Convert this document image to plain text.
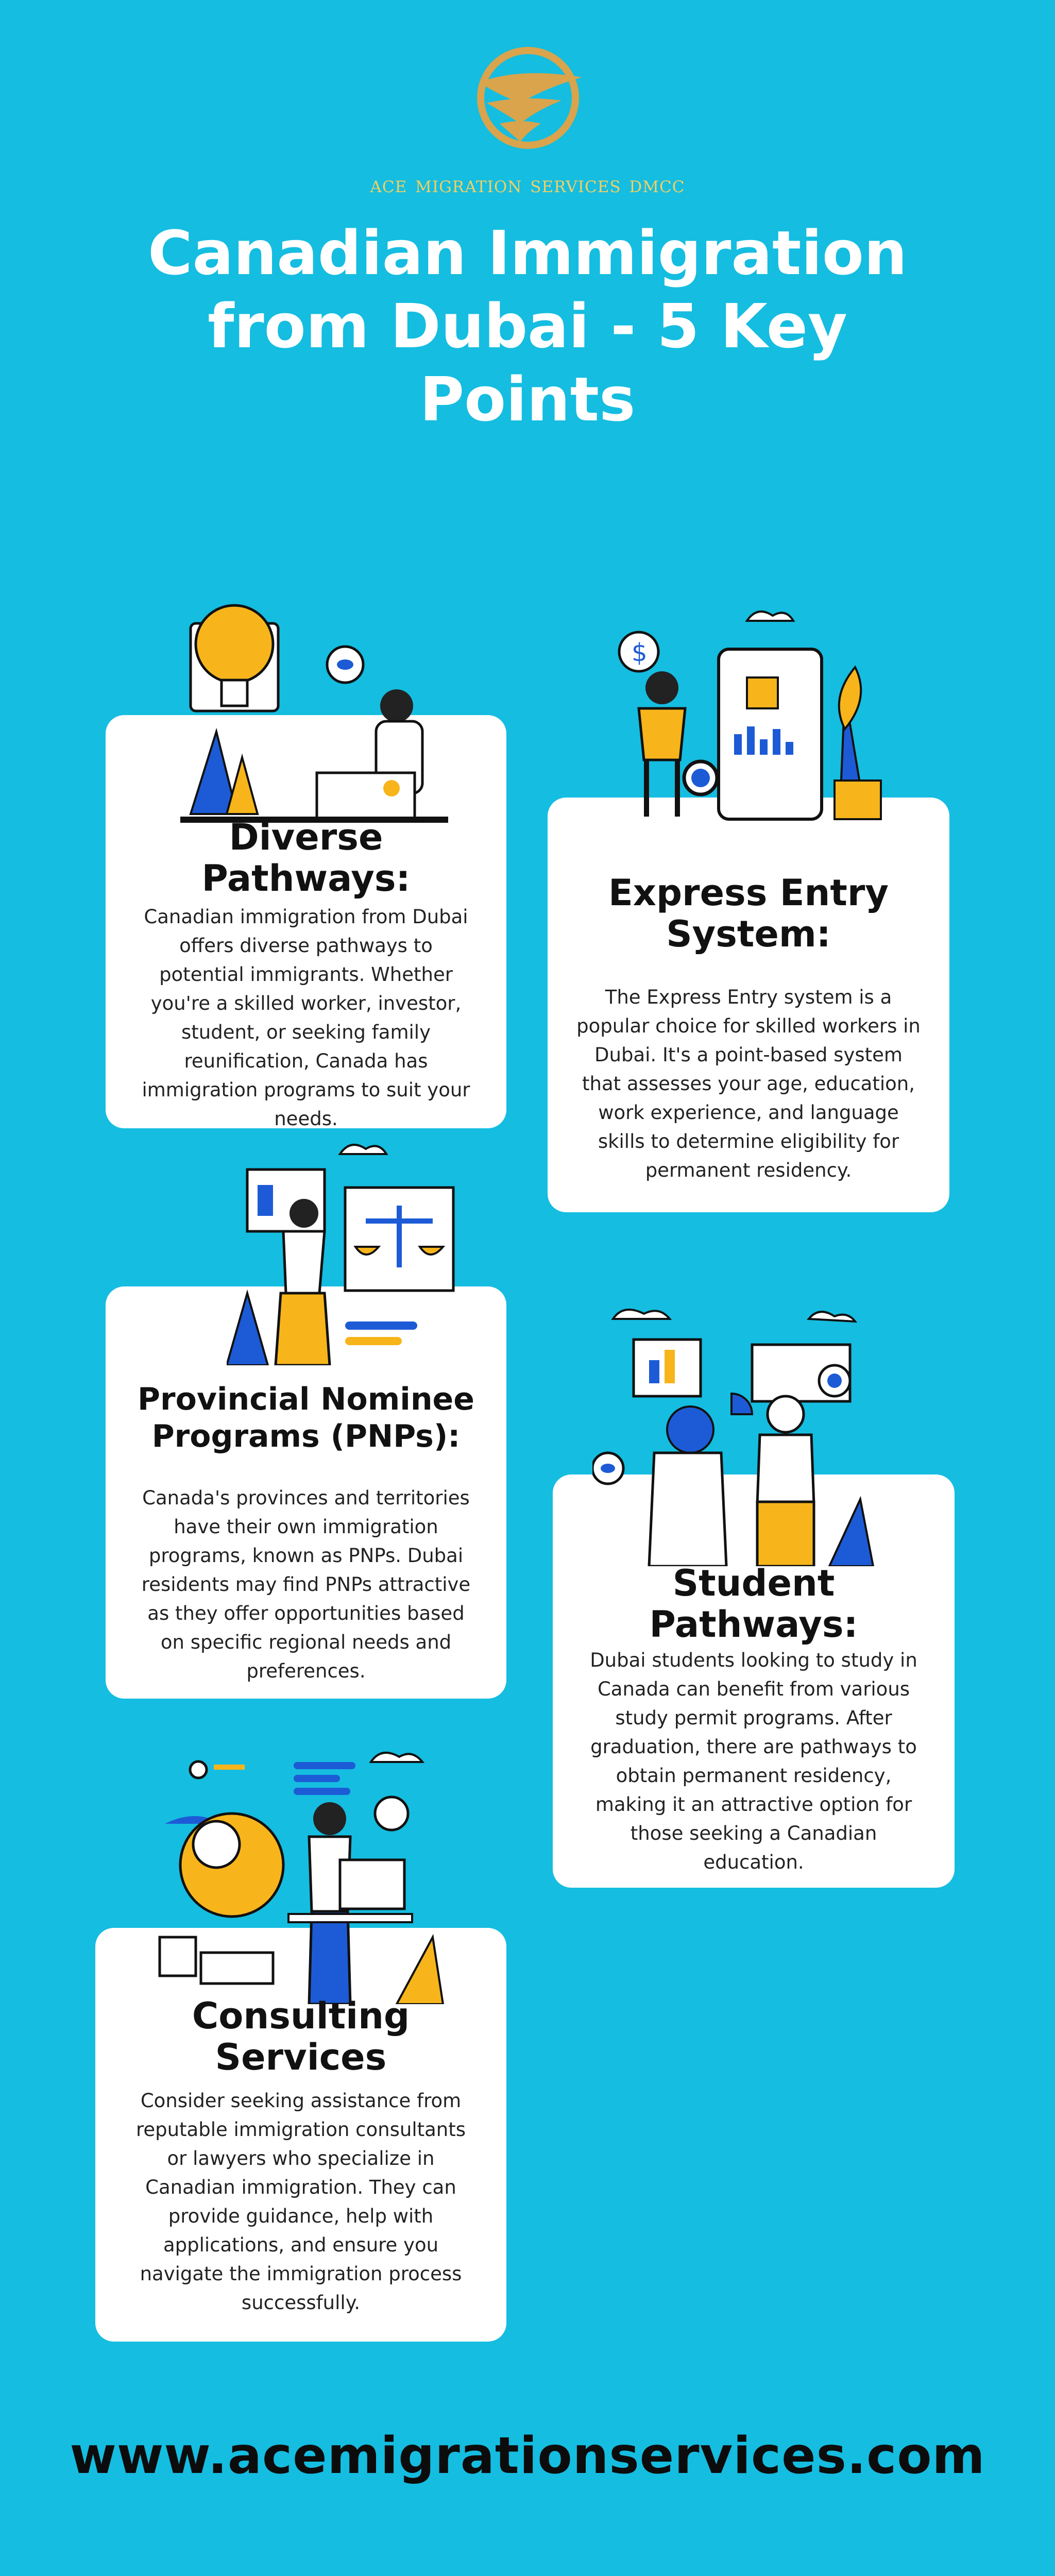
ACE MIGRATION SERVICES DMCC
Canadian Immigration
from Dubai - 5 Key
Points
Diverse
Pathways:

Canadian immigration from Dubai offers diverse pathways to potential immigrants. Whether you're a skilled worker, investor, student, or seeking family reunification, Canada has immigration programs to suit your needs.

$
Express Entry
System:

The Express Entry system is a popular choice for skilled workers in Dubai. It's a point-based system that assesses your age, education, work experience, and language skills to determine eligibility for permanent residency.

Provincial Nominee
Programs (PNPs):

Canada's provinces and territories have their own immigration programs, known as PNPs. Dubai residents may find PNPs attractive as they offer opportunities based on specific regional needs and preferences.

Student
Pathways:

Dubai students looking to study in Canada can benefit from various study permit programs. After graduation, there are pathways to obtain permanent residency, making it an attractive option for those seeking a Canadian education.

Consulting
Services

Consider seeking assistance from reputable immigration consultants or lawyers who specialize in Canadian immigration. They can provide guidance, help with applications, and ensure you navigate the immigration process successfully.

www.acemigrationservices.com
